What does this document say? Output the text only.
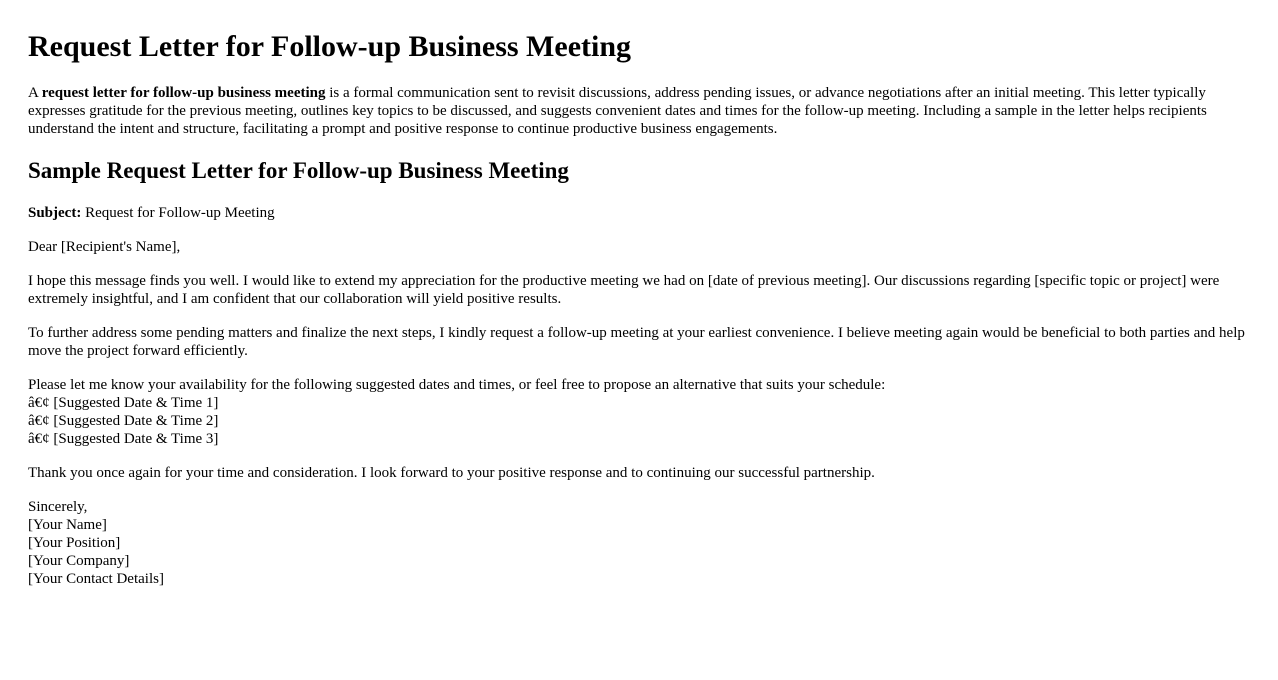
Request Letter for Follow-up Business Meeting

A request letter for follow-up business meeting is a formal communication sent to revisit discussions, address pending issues, or advance negotiations after an initial meeting. This letter typically expresses gratitude for the previous meeting, outlines key topics to be discussed, and suggests convenient dates and times for the follow-up meeting. Including a sample in the letter helps recipients understand the intent and structure, facilitating a prompt and positive response to continue productive business engagements.

Sample Request Letter for Follow-up Business Meeting

Subject: Request for Follow-up Meeting

Dear [Recipient's Name],

I hope this message finds you well. I would like to extend my appreciation for the productive meeting we had on [date of previous meeting]. Our discussions regarding [specific topic or project] were extremely insightful, and I am confident that our collaboration will yield positive results.

To further address some pending matters and finalize the next steps, I kindly request a follow-up meeting at your earliest convenience. I believe meeting again would be beneficial to both parties and help move the project forward efficiently.

Please let me know your availability for the following suggested dates and times, or feel free to propose an alternative that suits your schedule:
â€¢ [Suggested Date & Time 1]
â€¢ [Suggested Date & Time 2]
â€¢ [Suggested Date & Time 3]

Thank you once again for your time and consideration. I look forward to your positive response and to continuing our successful partnership.

Sincerely,
[Your Name]
[Your Position]
[Your Company]
[Your Contact Details]
